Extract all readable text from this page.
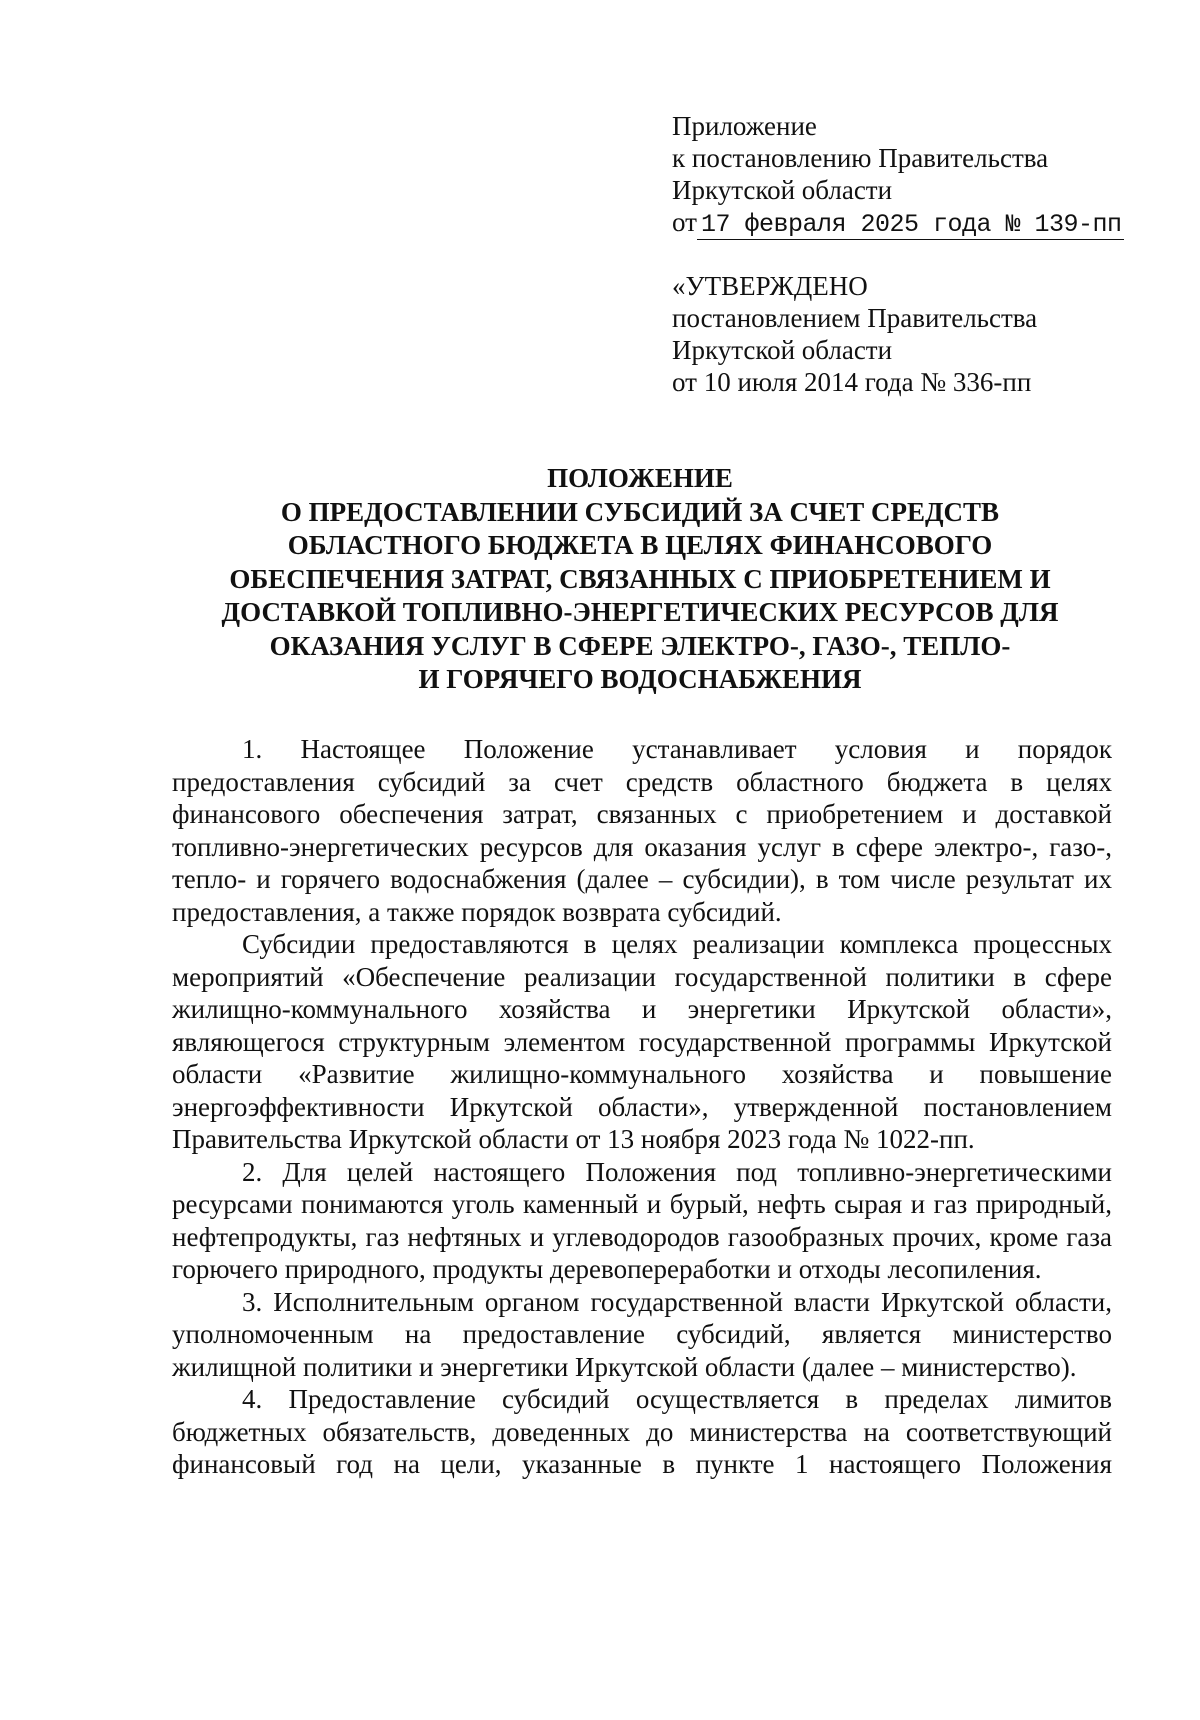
Приложение
к постановлению Правительства
Иркутской области
от 17 февраля 2025 года № 139-пп
«УТВЕРЖДЕНО
постановлением Правительства
Иркутской области
от 10 июля 2014 года № 336-пп
ПОЛОЖЕНИЕ
О ПРЕДОСТАВЛЕНИИ СУБСИДИЙ ЗА СЧЕТ СРЕДСТВ
ОБЛАСТНОГО БЮДЖЕТА В ЦЕЛЯХ ФИНАНСОВОГО
ОБЕСПЕЧЕНИЯ ЗАТРАТ, СВЯЗАННЫХ С ПРИОБРЕТЕНИЕМ И
ДОСТАВКОЙ ТОПЛИВНО-ЭНЕРГЕТИЧЕСКИХ РЕСУРСОВ ДЛЯ
ОКАЗАНИЯ УСЛУГ В СФЕРЕ ЭЛЕКТРО-, ГАЗО-, ТЕПЛО-
И ГОРЯЧЕГО ВОДОСНАБЖЕНИЯ

1. Настоящее Положение устанавливает условия и порядок предоставления субсидий за счет средств областного бюджета в целях финансового обеспечения затрат, связанных с приобретением и доставкой топливно-энергетических ресурсов для оказания услуг в сфере электро-, газо-, тепло- и горячего водоснабжения (далее – субсидии), в том числе результат их предоставления, а также порядок возврата субсидий.

Субсидии предоставляются в целях реализации комплекса процессных мероприятий «Обеспечение реализации государственной политики в сфере жилищно-коммунального хозяйства и энергетики Иркутской области», являющегося структурным элементом государственной программы Иркутской области «Развитие жилищно-коммунального хозяйства и повышение энергоэффективности Иркутской области», утвержденной постановлением Правительства Иркутской области от 13 ноября 2023 года № 1022-пп.

2. Для целей настоящего Положения под топливно-энергетическими ресурсами понимаются уголь каменный и бурый, нефть сырая и газ природный, нефтепродукты, газ нефтяных и углеводородов газообразных прочих, кроме газа горючего природного, продукты деревопереработки и отходы лесопиления.

3. Исполнительным органом государственной власти Иркутской области, уполномоченным на предоставление субсидий, является министерство жилищной политики и энергетики Иркутской области (далее – министерство).

4. Предоставление субсидий осуществляется в пределах лимитов бюджетных обязательств, доведенных до министерства на соответствующий финансовый год на цели, указанные в пункте 1 настоящего Положения
